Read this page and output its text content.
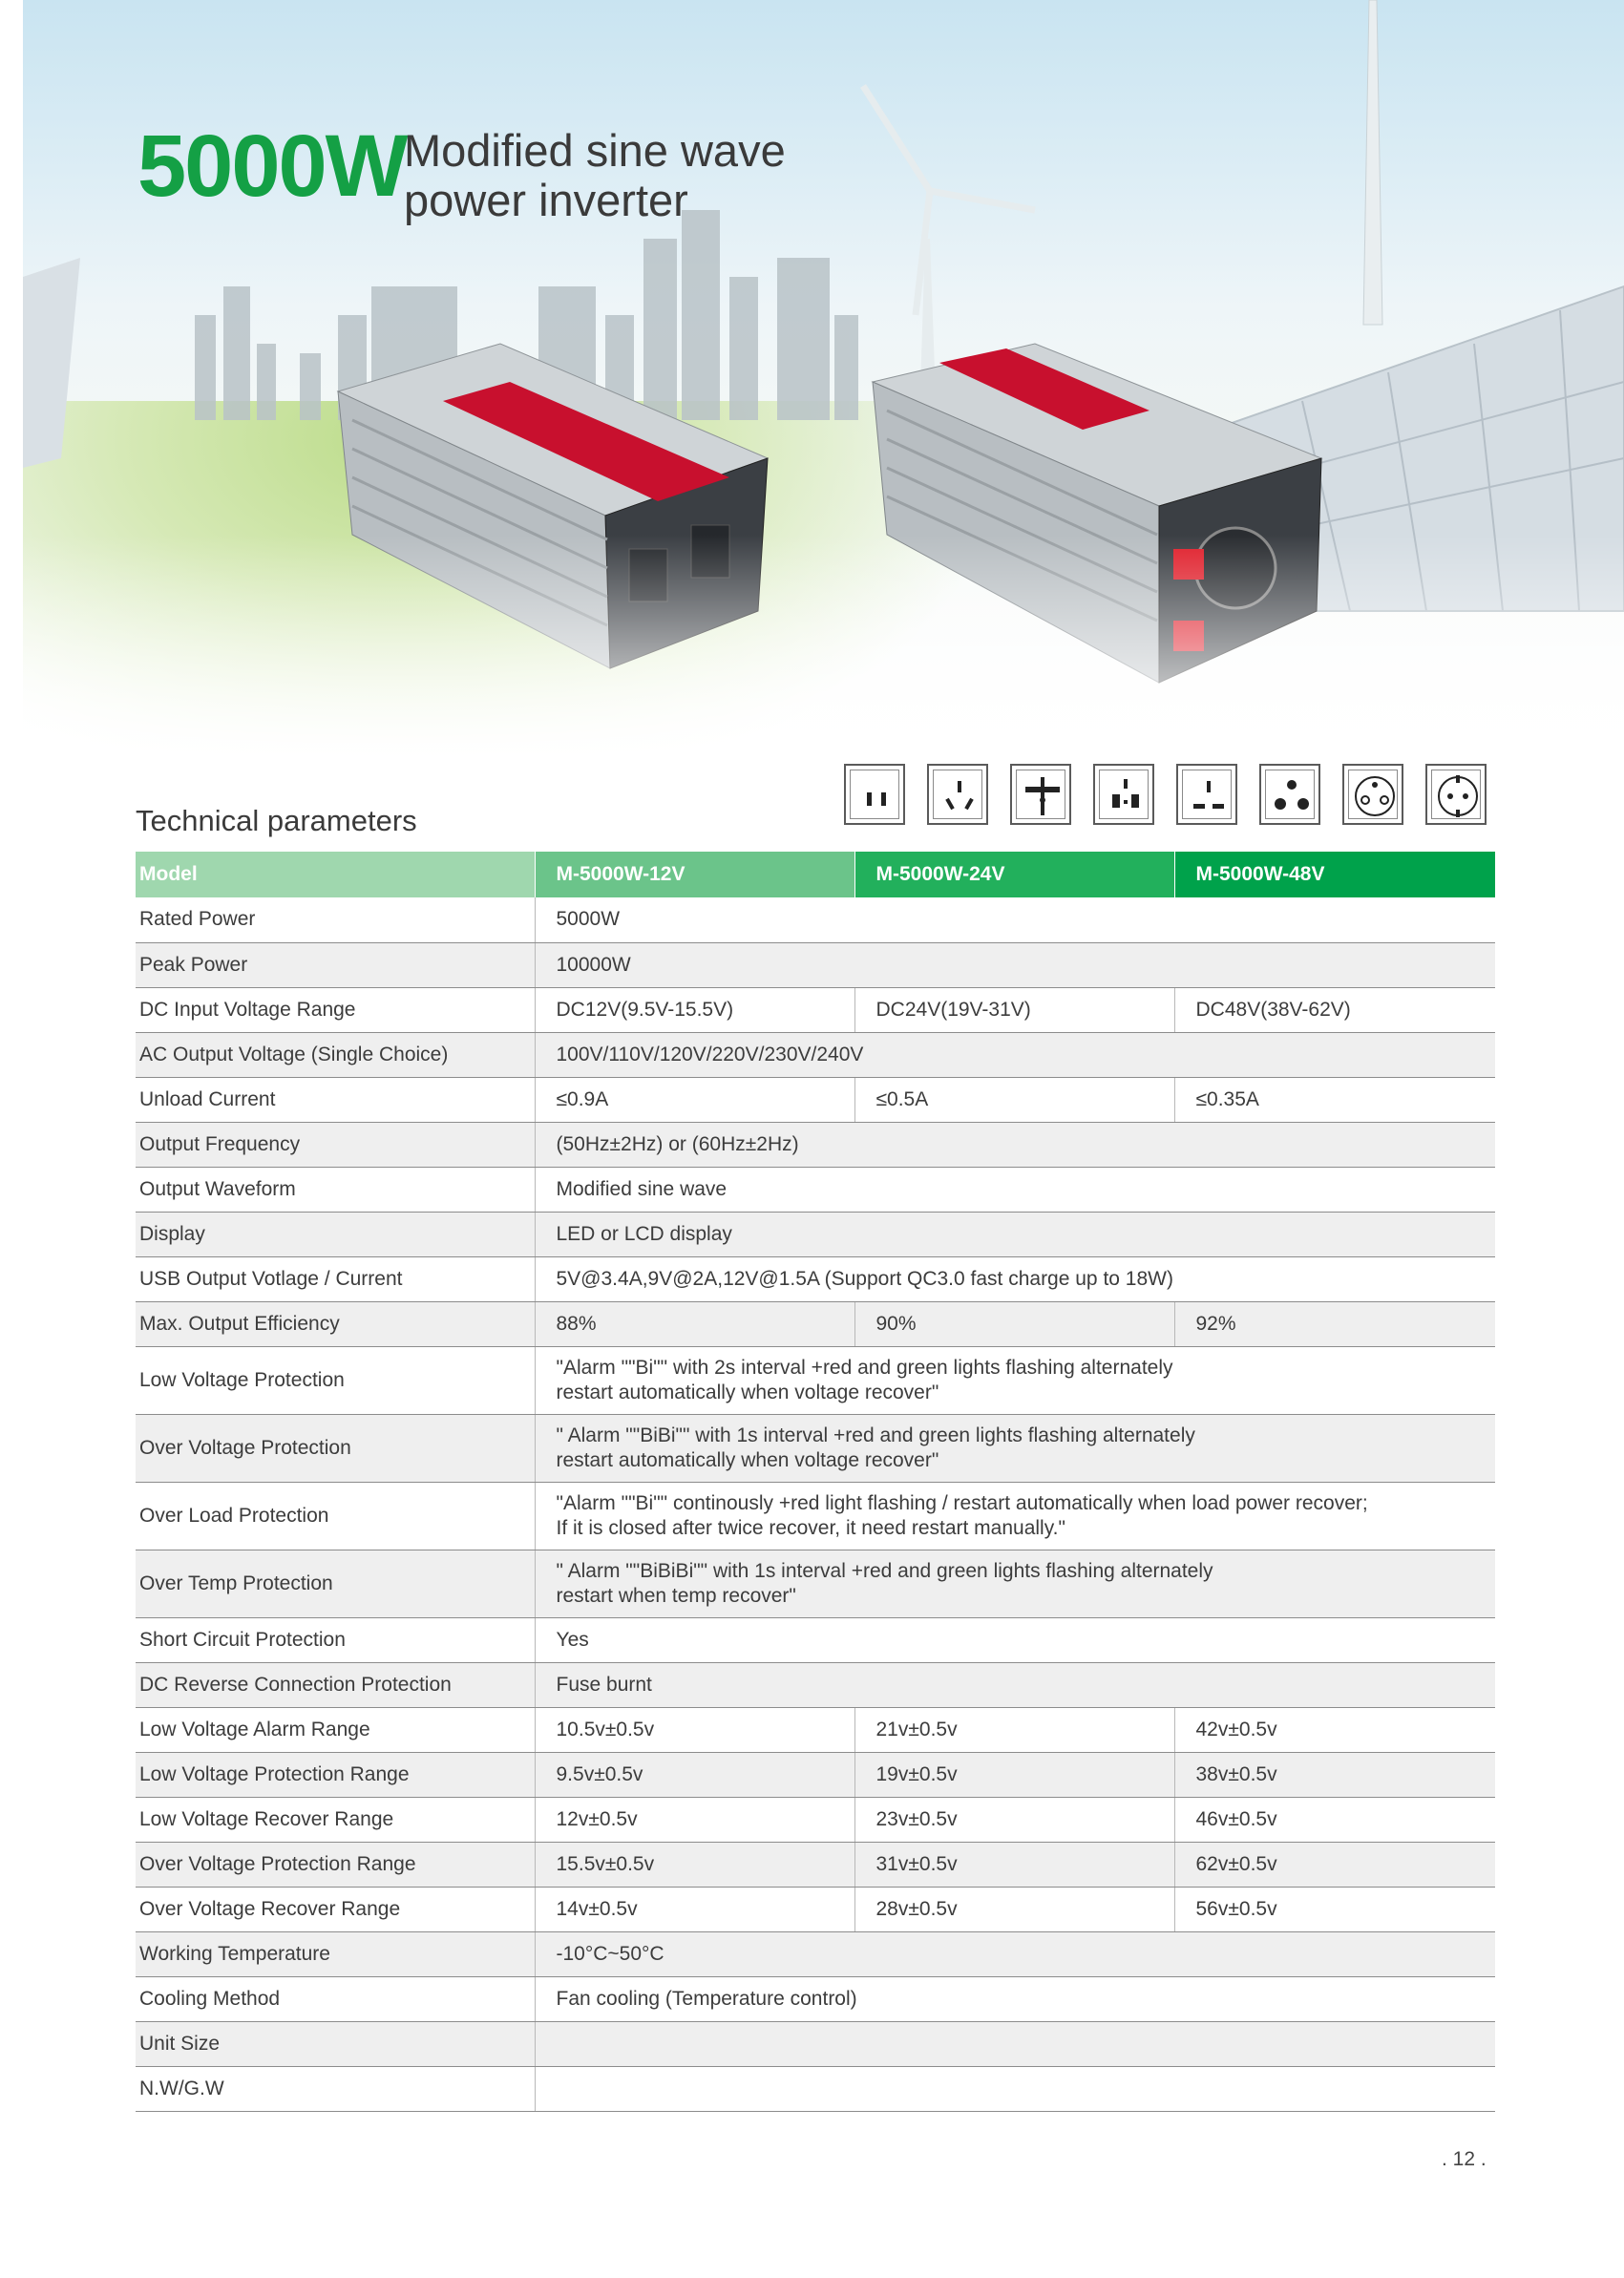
5000W
Modified sine wave
power inverter
Technical parameters
Model	M-5000W-12V	M-5000W-24V	M-5000W-48V
Rated Power	5000W		
Peak Power	10000W		
DC Input Voltage Range	DC12V(9.5V-15.5V)	DC24V(19V-31V)	DC48V(38V-62V)
AC Output Voltage (Single Choice)	100V/110V/120V/220V/230V/240V		
Unload Current	≤0.9A	≤0.5A	≤0.35A
Output Frequency	(50Hz±2Hz) or (60Hz±2Hz)		
Output Waveform	Modified sine wave		
Display	LED or LCD display		
USB Output Votlage / Current	5V@3.4A,9V@2A,12V@1.5A (Support QC3.0 fast charge up to 18W)		
Max. Output Efficiency	88%	90%	92%
Low Voltage Protection	"Alarm ""Bi"" with 2s interval +red and green lights flashing alternately
restart automatically when voltage recover"		

Over Voltage Protection	" Alarm ""BiBi"" with 1s interval +red and green lights flashing alternately
restart automatically when voltage recover"		

Over Load Protection	"Alarm ""Bi"" continously +red light flashing / restart automatically when load power recover;
If it is closed after twice recover, it need restart manually."		

Over Temp Protection	" Alarm ""BiBiBi"" with 1s interval +red and green lights flashing alternately
restart when temp recover"		

Short Circuit Protection	Yes		
DC Reverse Connection Protection	Fuse burnt		
Low Voltage Alarm Range	10.5v±0.5v	21v±0.5v	42v±0.5v
Low Voltage Protection Range	9.5v±0.5v	19v±0.5v	38v±0.5v
Low Voltage Recover Range	12v±0.5v	23v±0.5v	46v±0.5v
Over Voltage Protection Range	15.5v±0.5v	31v±0.5v	62v±0.5v
Over Voltage Recover Range	14v±0.5v	28v±0.5v	56v±0.5v
Working Temperature	-10°C~50°C		
Cooling Method	Fan cooling (Temperature control)		
Unit Size			
N.W/G.W			
. 12 .
